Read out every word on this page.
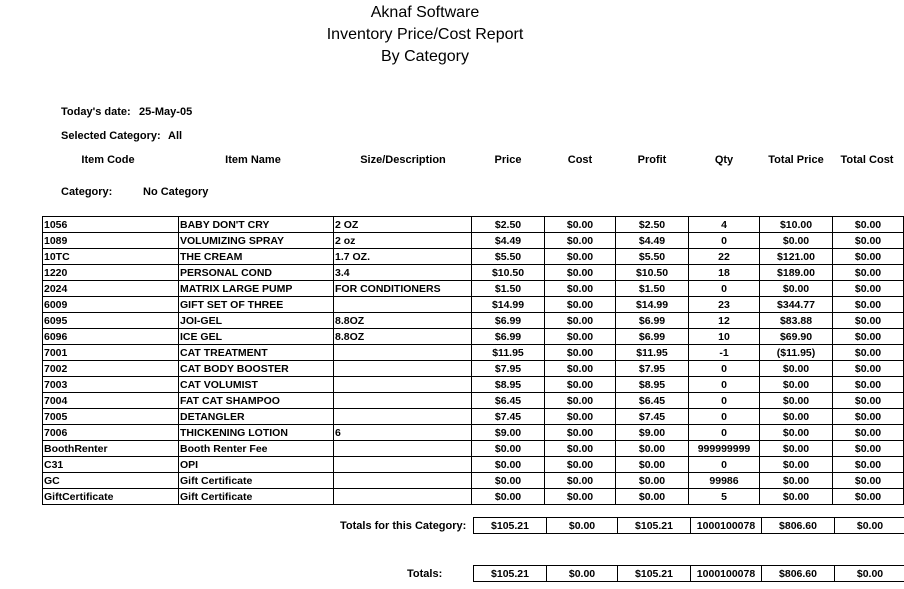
Aknaf Software
Inventory Price/Cost Report
By Category
Today's date: 25-May-05
Selected Category: All
Item Code	Item Name	Size/Description	Price	Cost	Profit	Qty	Total Price	Total Cost
Category:	No Category
1056	BABY DON'T CRY	2 OZ	$2.50	$0.00	$2.50	4	$10.00	$0.00
1089	VOLUMIZING SPRAY	2 oz	$4.49	$0.00	$4.49	0	$0.00	$0.00
10TC	THE CREAM	1.7 OZ.	$5.50	$0.00	$5.50	22	$121.00	$0.00
1220	PERSONAL COND	3.4	$10.50	$0.00	$10.50	18	$189.00	$0.00
2024	MATRIX LARGE PUMP	FOR CONDITIONERS	$1.50	$0.00	$1.50	0	$0.00	$0.00
6009	GIFT SET OF THREE		$14.99	$0.00	$14.99	23	$344.77	$0.00
6095	JOI-GEL	8.8OZ	$6.99	$0.00	$6.99	12	$83.88	$0.00
6096	ICE GEL	8.8OZ	$6.99	$0.00	$6.99	10	$69.90	$0.00
7001	CAT TREATMENT		$11.95	$0.00	$11.95	-1	($11.95)	$0.00
7002	CAT BODY BOOSTER		$7.95	$0.00	$7.95	0	$0.00	$0.00
7003	CAT VOLUMIST		$8.95	$0.00	$8.95	0	$0.00	$0.00
7004	FAT CAT SHAMPOO		$6.45	$0.00	$6.45	0	$0.00	$0.00
7005	DETANGLER		$7.45	$0.00	$7.45	0	$0.00	$0.00
7006	THICKENING LOTION	6	$9.00	$0.00	$9.00	0	$0.00	$0.00
BoothRenter	Booth Renter Fee		$0.00	$0.00	$0.00	999999999	$0.00	$0.00
C31	OPI		$0.00	$0.00	$0.00	0	$0.00	$0.00
GC	Gift Certificate		$0.00	$0.00	$0.00	99986	$0.00	$0.00
GiftCertificate	Gift Certificate		$0.00	$0.00	$0.00	5	$0.00	$0.00
Totals for this Category: $105.21	$0.00	$105.21	1000100078	$806.60	$0.00
Totals:	$105.21	$0.00	$105.21	1000100078	$806.60	$0.00
